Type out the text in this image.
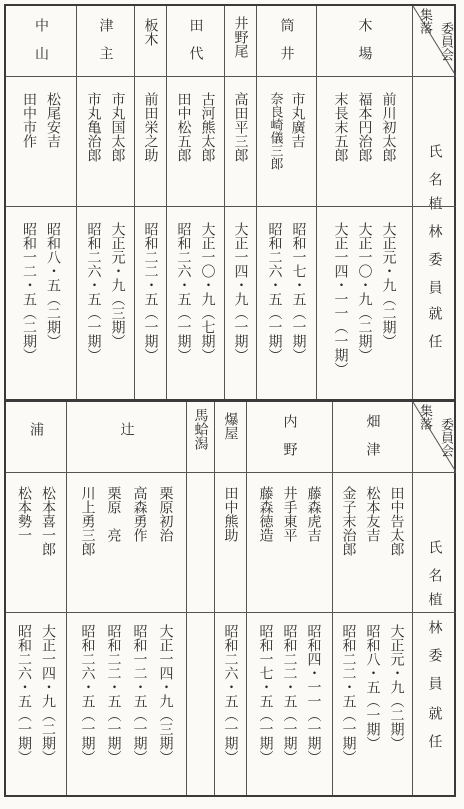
集落
委員会
氏　名
植　林　委　員
就　任
木　場
前川初太郎
福本円治郎
末長末五郎
大正元・九（二期）
大正一〇・九（二期）
大正一四・一一（一期）
筒　井
市丸廣吉
奈良崎儀三郎
昭和一七・五（一期）
昭和二六・五（一期）
井野尾
高田平三郎
大正一四・九（一期）
田　代
古河熊太郎
田中松五郎
大正一〇・九（七期）
昭和二六・五（一期）
板木
前田栄之助
昭和二二・五（一期）
津　主
市丸国太郎
市丸亀治郎
大正元・九（三期）
昭和二六・五（一期）
中　山
松尾安吉
田中市作
昭和八・五（二期）
昭和一二・五（二期）
集落
委員会
氏　名
植　林　委　員
就　任
畑　津
田中告太郎
松本友吉
金子末治郎
大正元・九（二期）
昭和八・五（一期）
昭和二二・五（一期）
内　野
藤森虎吉
井手東平
藤森徳造
昭和四・一一（一期）
昭和二二・五（一期）
昭和一七・五（一期）
爆屋
田中熊助
昭和二六・五（一期）
馬蛤潟
辻
栗原初治
高森勇作
栗原　亮
川上勇三郎
大正一四・九（三期）
昭和一二・五（一期）
昭和二二・五（一期）
昭和二六・五（一期）
浦
松本喜一郎
松本勢一
大正一四・九（二期）
昭和二六・五（一期）
